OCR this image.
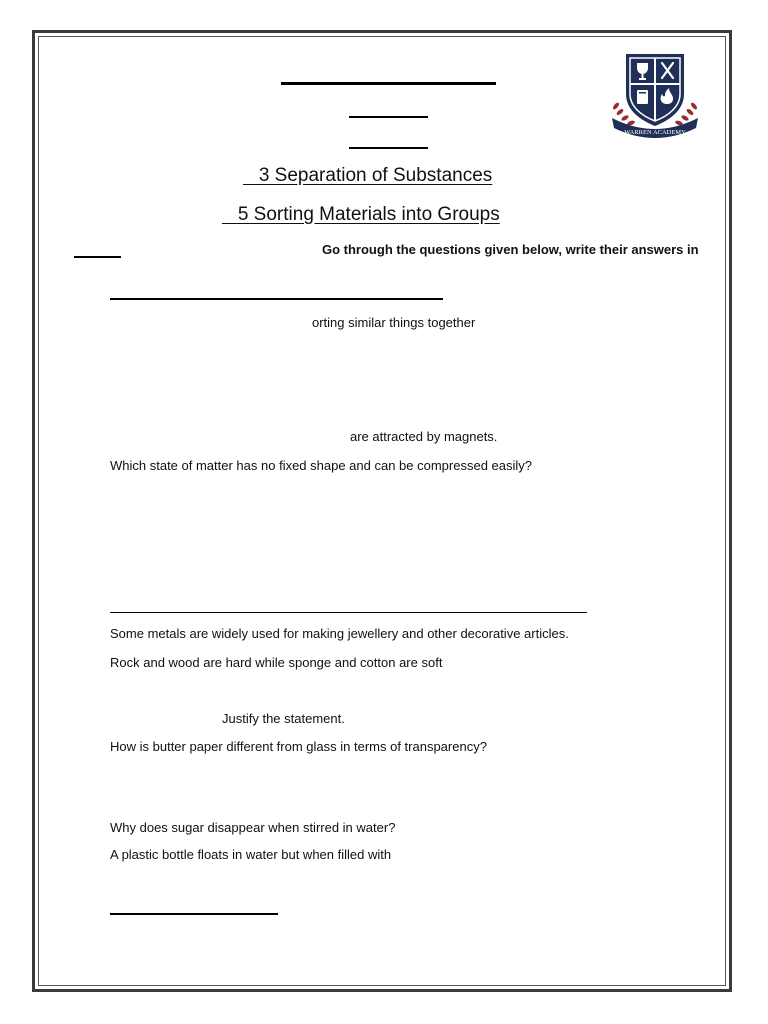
WARREN ACADEMY
3 Separation of Substances
5 Sorting Materials into Groups
Go through the questions given below, write their answers in
orting similar things together
are attracted by magnets.
Which state of matter has no fixed shape and can be compressed easily?
Some metals are widely used for making jewellery and other decorative articles.
Rock and wood are hard while sponge and cotton are soft
Justify the statement.
How is butter paper different from glass in terms of transparency?
Why does sugar disappear when stirred in water?
A plastic bottle floats in water but when filled with
